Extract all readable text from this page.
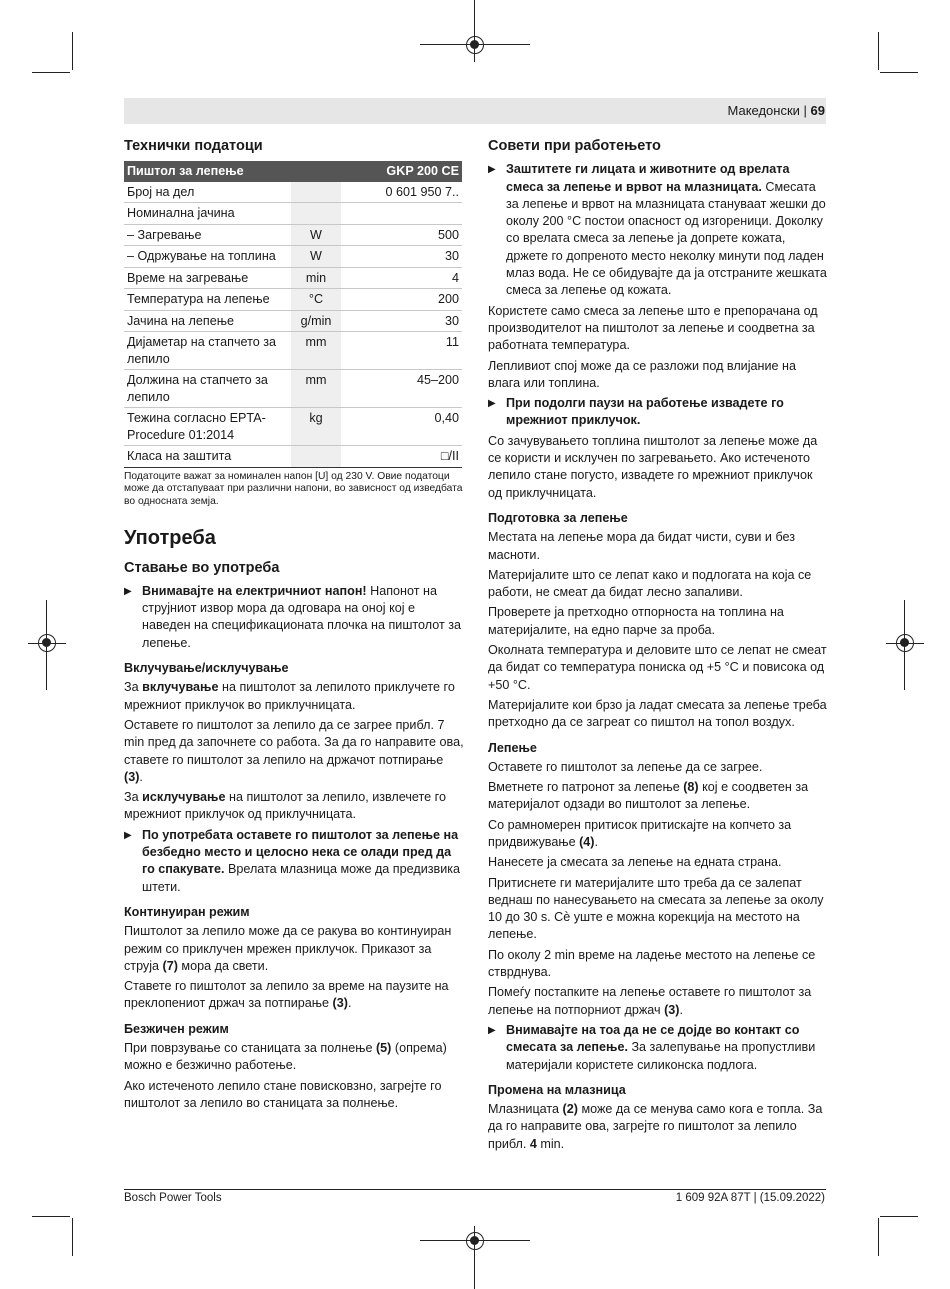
Македонски | 69
Технички податоци
Пиштол за лепење		GKP 200 CE
Број на дел		0 601 950 7..
Номинална јачина		
– Загревање	W	500
– Одржување на топлина	W	30
Време на загревање	min	4
Температура на лепење	°C	200
Јачина на лепење	g/min	30
Дијаметар на стапчето за лепило	mm	11
Должина на стапчето за лепило	mm	45–200
Тежина согласно EPTA-Procedure 01:2014	kg	0,40
Класа на заштита		□/II
Податоците важат за номинален напон [U] од 230 V. Овие податоци може да отстапуваат при различни напони, во зависност од изведбата во односната земја.
Употреба
Ставање во употреба

▶ Внимавајте на електричниот напон! Напонот на струјниот извор мора да одговара на оној кој е наведен на спецификационата плочка на пиштолот за лепење.

Вклучување/исклучување

За вклучување на пиштолот за лепилото приклучете го мрежниот приклучок во приклучницата.

Оставете го пиштолот за лепило да се загрее прибл. 7 min пред да започнете со работа. За да го направите ова, ставете го пиштолот за лепило на држачот потпирање (3).

За исклучување на пиштолот за лепило, извлечете го мрежниот приклучок од приклучницата.

▶ По употребата оставете го пиштолот за лепење на безбедно место и целосно нека се олади пред да го спакувате. Врелата млазница може да предизвика штети.

Континуиран режим

Пиштолот за лепило може да се ракува во континуиран режим со приклучен мрежен приклучок. Приказот за струја (7) мора да свети.

Ставете го пиштолот за лепило за време на паузите на преклопениот држач за потпирање (3).

Безжичен режим

При поврзување со станицата за полнење (5) (опрема) можно е безжично работење.

Ако истеченото лепило стане повисковзно, загрејте го пиштолот за лепило во станицата за полнење.

Совети при работењето

▶ Заштитете ги лицата и животните од врелата смеса за лепење и врвот на млазницата. Смесата за лепење и врвот на млазницата стануваат жешки до околу 200 °C постои опасност од изгореници. Доколку со врелата смеса за лепење ја допрете кожата, држете го допреното место неколку минути под ладен млаз вода. Не се обидувајте да ја отстраните жешката смеса за лепење од кожата.

Користете само смеса за лепење што е препорачана од производителот на пиштолот за лепење и соодветна за работната температура.

Лепливиот спој може да се разложи под влијание на влага или топлина.

▶ При подолги паузи на работење извадете го мрежниот приклучок.

Со зачувувањето топлина пиштолот за лепење може да се користи и исклучен по загревањето. Ако истеченото лепило стане погусто, извадете го мрежниот приклучок од приклучницата.

Подготовка за лепење

Местата на лепење мора да бидат чисти, суви и без масноти.

Материјалите што се лепат како и подлогата на која се работи, не смеат да бидат лесно запаливи.

Проверете ја претходно отпорноста на топлина на материјалите, на едно парче за проба.

Околната температура и деловите што се лепат не смеат да бидат со температура пониска од +5 °C и повисока од +50 °C.

Материјалите кои брзо ја ладат смесата за лепење треба претходно да се загреат со пиштол на топол воздух.

Лепење

Оставете го пиштолот за лепење да се загрее.

Вметнете го патронот за лепење (8) кој е соодветен за материјалот одзади во пиштолот за лепење.

Со рамномерен притисок притискајте на копчето за придвижување (4).

Нанесете ја смесата за лепење на едната страна.

Притиснете ги материјалите што треба да се залепат веднаш по нанесувањето на смесата за лепење за околу 10 до 30 s. Сѐ уште е можна корекција на местото на лепење.

По околу 2 min време на ладење местото на лепење се стврднува.

Помеѓу постапките на лепење оставете го пиштолот за лепење на потпорниот држач (3).

▶ Внимавајте на тоа да не се дојде во контакт со смесата за лепење. За залепување на пропустливи материјали користете силиконска подлога.

Промена на млазница

Млазницата (2) може да се менува само кога е топла. За да го направите ова, загрејте го пиштолот за лепило прибл. 4 min.

Bosch Power Tools	1 609 92A 87T | (15.09.2022)
